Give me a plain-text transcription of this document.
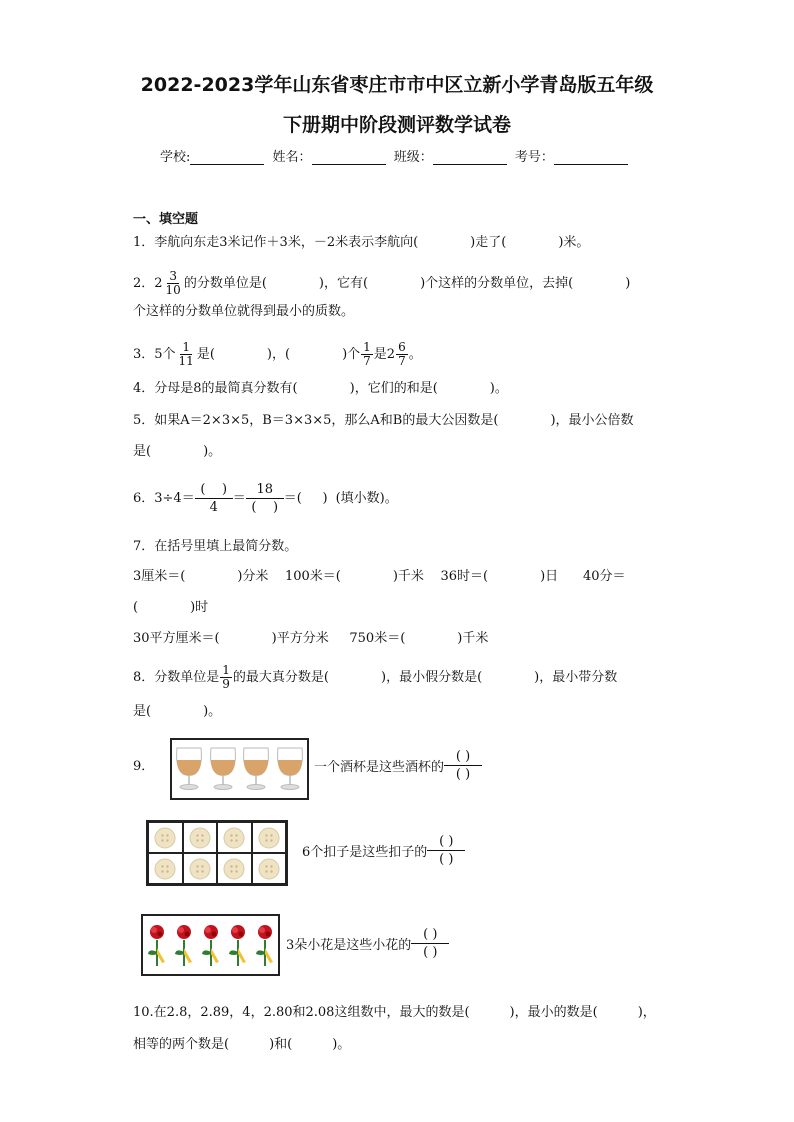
2022-2023学年山东省枣庄市市中区立新小学青岛版五年级
下册期中阶段测评数学试卷
学校:	姓名：	班级：	考号：
一、填空题
1．李航向东走3米记作＋3米，－2米表示李航向(	)走了(	)米。
2．$2 \frac{3}{10}$ 的分数单位是(	)，它有(	)个这样的分数单位，去掉(	)
个这样的分数单位就得到最小的质数。
3．5个 $\frac{1}{11}$ 是(	)，(	)个 $\frac{1}{7}$ 是$2 \frac{6}{7}$ 。
4．分母是8的最简真分数有(	)，它们的和是(	)。
5．如果A＝2×3×5，B＝3×3×5，那么A和B的最大公因数是(	)，最小公倍数
是(	)。
6．3÷4＝
( )
4
＝
18
( )
＝ ( ) (填小数)。
7．在括号里填上最简分数。
3厘米＝(	)分米 100米＝(	)千米 36时＝(	)日 40分＝
(	)时
30平方厘米＝(	)平方分米 750米＝(	)千米
8．分数单位是 $\frac{1}{9}$ 的最大真分数是(	)，最小假分数是(	)，最小带分数
是(	)。
9．	一个酒杯是这些酒杯的
( )
( )
6个扣子是这些扣子的
( )
( )
3朵小花是这些小花的
( )
( )
10.在2.8，2.89，4，2.80和2.08这组数中，最大的数是(	)，最小的数是(	)，
相等的两个数是(	)和(	)。
